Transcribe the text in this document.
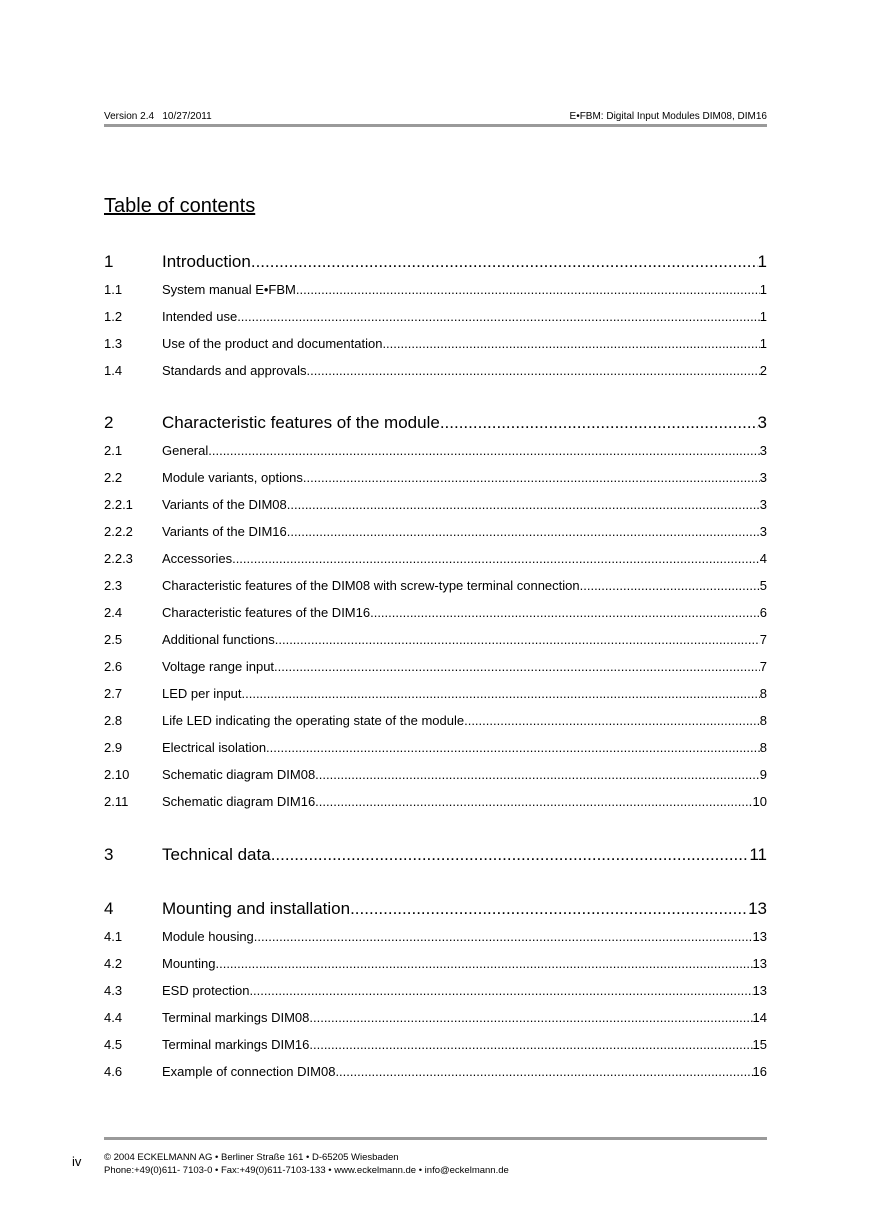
Version 2.4   10/27/2011	E•FBM: Digital Input Modules DIM08, DIM16
Table of contents
1	Introduction .....	1
1.1	System manual E•FBM .....	1
1.2	Intended use .....	1
1.3	Use of the product and documentation .....	1
1.4	Standards and approvals .....	2
2	Characteristic features of the module .....	3
2.1	General .....	3
2.2	Module variants, options .....	3
2.2.1	Variants of the DIM08 .....	3
2.2.2	Variants of the DIM16 .....	3
2.2.3	Accessories .....	4
2.3	Characteristic features of the DIM08 with screw-type terminal connection .....	5
2.4	Characteristic features of the DIM16 .....	6
2.5	Additional functions .....	7
2.6	Voltage range input .....	7
2.7	LED per input .....	8
2.8	Life LED indicating the operating state of the module .....	8
2.9	Electrical isolation .....	8
2.10	Schematic diagram DIM08 .....	9
2.11	Schematic diagram DIM16 .....	10
3	Technical data .....	11
4	Mounting and installation .....	13
4.1	Module housing .....	13
4.2	Mounting .....	13
4.3	ESD protection .....	13
4.4	Terminal markings DIM08 .....	14
4.5	Terminal markings DIM16 .....	15
4.6	Example of connection DIM08 .....	16
iv © 2004 ECKELMANN AG • Berliner Straße 161 • D-65205 Wiesbaden
Phone:+49(0)611- 7103-0 • Fax:+49(0)611-7103-133 • www.eckelmann.de • info@eckelmann.de
